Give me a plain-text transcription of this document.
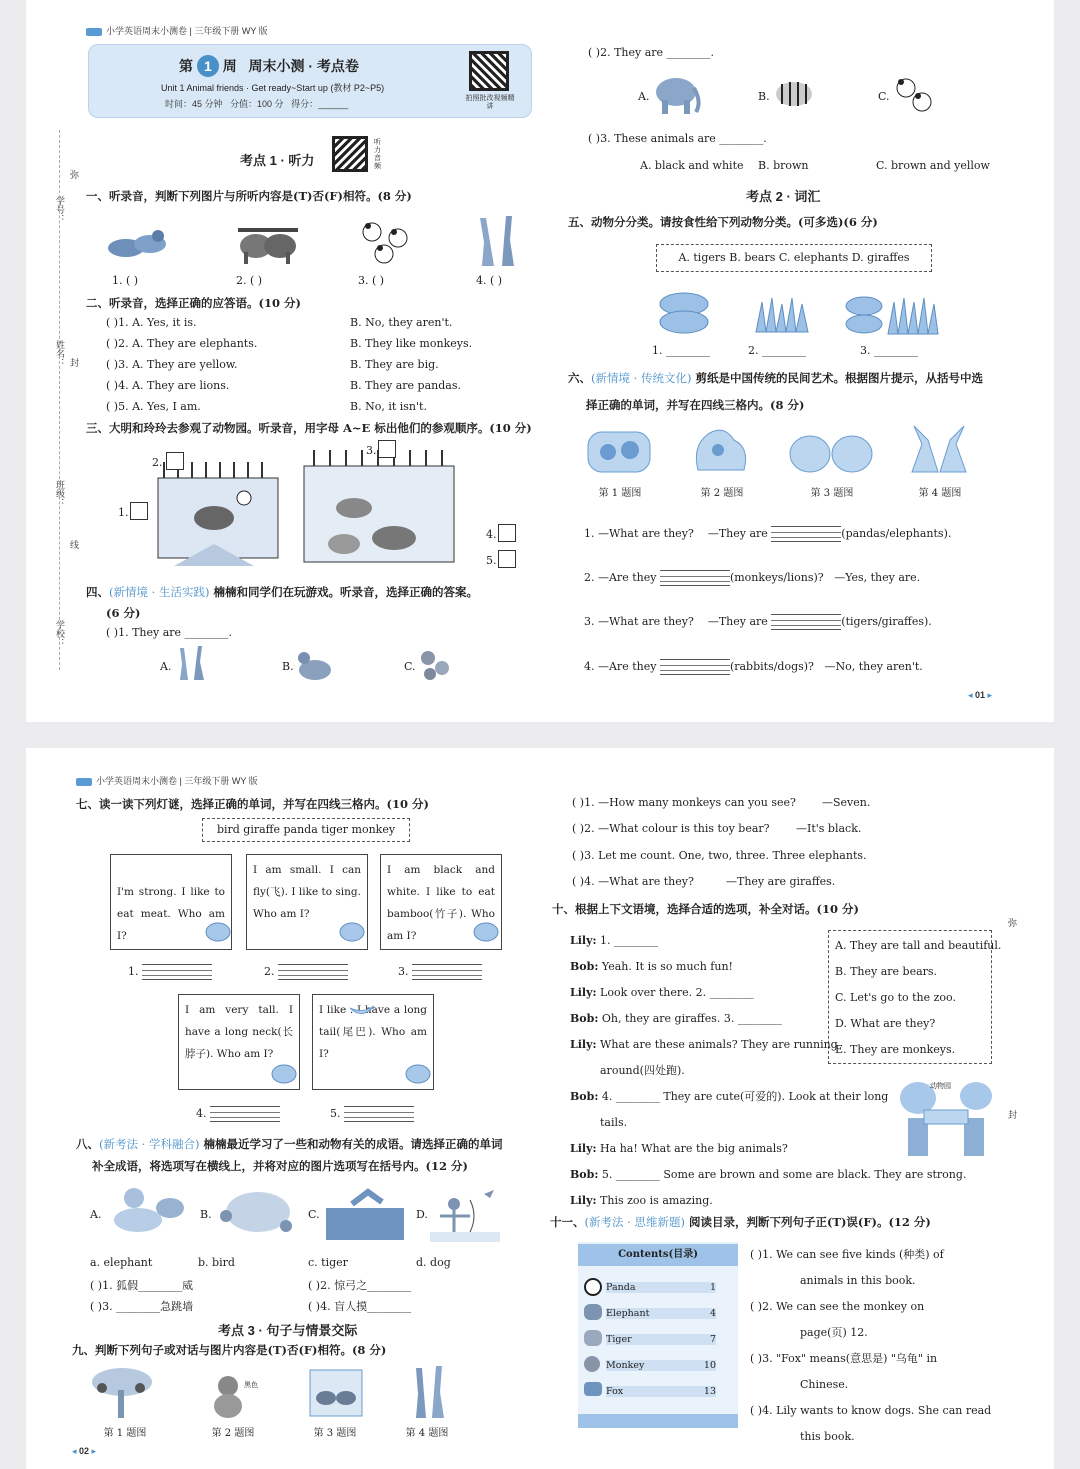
小学英语周末小测卷 | 三年级下册 WY 版
第 1 周 周末小测 · 考点卷
Unit 1 Animal friends · Get ready~Start up (教材 P2~P5)
时间：45 分钟 分值：100 分 得分：______
拍照批改视频精讲
学号：
姓名：
班级：
学校：
弥
封
线
考点 1 · 听力
听力音频
一、听录音，判断下列图片与所听内容是(T)否(F)相符。(8 分)
1. ( )	2. ( )	3. ( )	4. ( )
二、听录音，选择正确的应答语。(10 分)
( )1. A. Yes, it is.	B. No, they aren't.
( )2. A. They are elephants.	B. They like monkeys.
( )3. A. They are yellow.	B. They are big.
( )4. A. They are lions.	B. They are pandas.
( )5. A. Yes, I am.	B. No, it isn't.
三、大明和玲玲去参观了动物园。听录音，用字母 A~E 标出他们的参观顺序。(10 分)
1.
2.
3.
4.
5.
四、(新情境 · 生活实践) 楠楠和同学们在玩游戏。听录音，选择正确的答案。
(6 分)
( )1. They are ________.
A.	B.	C.
( )2. They are ________.
A.	B.	C.
( )3. These animals are ________.
A. black and white B. brown	C. brown and yellow
考点 2 · 词汇
五、动物分分类。请按食性给下列动物分类。(可多选)(6 分)
A. tigers B. bears C. elephants D. giraffes
1. ________	2. ________	3. ________
六、(新情境 · 传统文化) 剪纸是中国传统的民间艺术。根据图片提示，从括号中选
择正确的单词，并写在四线三格内。(8 分)
第 1 题图	第 2 题图	第 3 题图	第 4 题图
1. —What are they? —They are	(pandas/elephants).
2. —Are they	(monkeys/lions)? —Yes, they are.
3. —What are they? —They are	(tigers/giraffes).
4. —Are they	(rabbits/dogs)? —No, they aren't.
◂ 01 ▸
小学英语周末小测卷 | 三年级下册 WY 版
七、读一读下列灯谜，选择正确的单词，并写在四线三格内。(10 分)
bird giraffe panda tiger monkey
I'm strong. I like to eat meat. Who am I?
I am small. I can fly(飞). I like to sing. Who am I?
I am black and white. I like to eat bamboo(竹子). Who am I?
I am very tall. I have a long neck(长脖子). Who am I?
I like . I have a long tail(尾巴). Who am I?
1.	2.	3.
4.	5.
八、(新考法 · 学科融合) 楠楠最近学习了一些和动物有关的成语。请选择正确的单词
补全成语，将选项写在横线上，并将对应的图片选项写在括号内。(12 分)
A.	B.	C.	D.
a. elephant	b. bird	c. tiger	d. dog
( )1. 狐假________威	( )2. 惊弓之________
( )3. ________急跳墙	( )4. 盲人摸________
考点 3 · 句子与情景交际
九、判断下列句子或对话与图片内容是(T)否(F)相符。(8 分)
黑色
第 1 题图	第 2 题图	第 3 题图	第 4 题图
◂ 02 ▸
( )1. —How many monkeys can you see? —Seven.
( )2. —What colour is this toy bear? —It's black.
( )3. Let me count. One, two, three. Three elephants.
( )4. —What are they?	—They are giraffes.
十、根据上下文语境，选择合适的选项，补全对话。(10 分)
A. They are tall and beautiful.
B. They are bears.
C. Let's go to the zoo.
D. What are they?
E. They are monkeys.
Lily: 1. ________
Bob: Yeah. It is so much fun!
Lily: Look over there. 2. ________
Bob: Oh, they are giraffes. 3. ________
Lily: What are these animals? They are running
around(四处跑).
Bob: 4. ________ They are cute(可爱的). Look at their long
tails.
Lily: Ha ha! What are the big animals?
Bob: 5. ________ Some are brown and some are black. They are strong.
Lily: This zoo is amazing.
动物园
十一、(新考法 · 思维新题) 阅读目录，判断下列句子正(T)误(F)。(12 分)
Contents(目录)
Panda	1
Elephant	4
Tiger	7
Monkey	10
Fox	13
( )1. We can see five kinds (种类) of
animals in this book.
( )2. We can see the monkey on
page(页) 12.
( )3. "Fox" means(意思是) "乌龟" in
Chinese.
( )4. Lily wants to know dogs. She can read
this book.
弥
封
